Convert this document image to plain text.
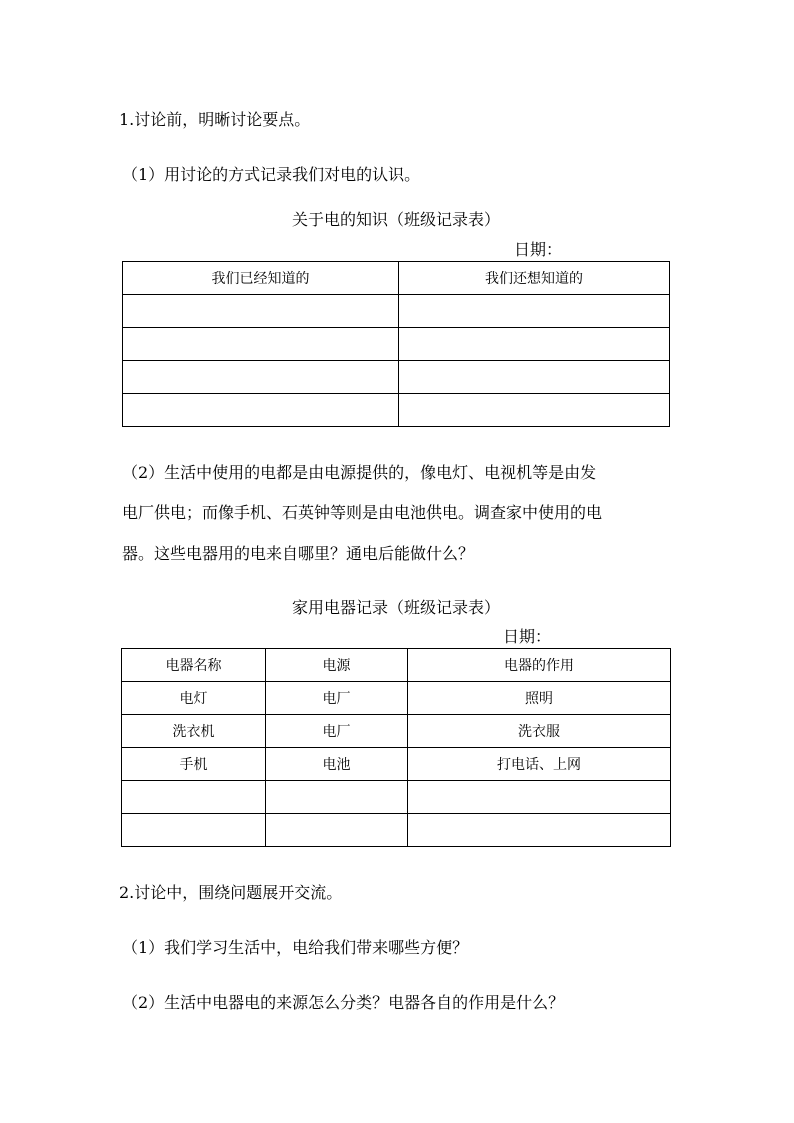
1.讨论前，明晰讨论要点。
（1）用讨论的方式记录我们对电的认识。
关于电的知识（班级记录表）
日期：
我们已经知道的	我们还想知道的

（2）生活中使用的电都是由电源提供的，像电灯、电视机等是由发
电厂供电；而像手机、石英钟等则是由电池供电。调查家中使用的电
器。这些电器用的电来自哪里？通电后能做什么？
家用电器记录（班级记录表）
日期：
电器名称	电源	电器的作用
电灯	电厂	照明
洗衣机	电厂	洗衣服
手机	电池	打电话、上网

2.讨论中，围绕问题展开交流。
（1）我们学习生活中，电给我们带来哪些方便？
（2）生活中电器电的来源怎么分类？电器各自的作用是什么？
